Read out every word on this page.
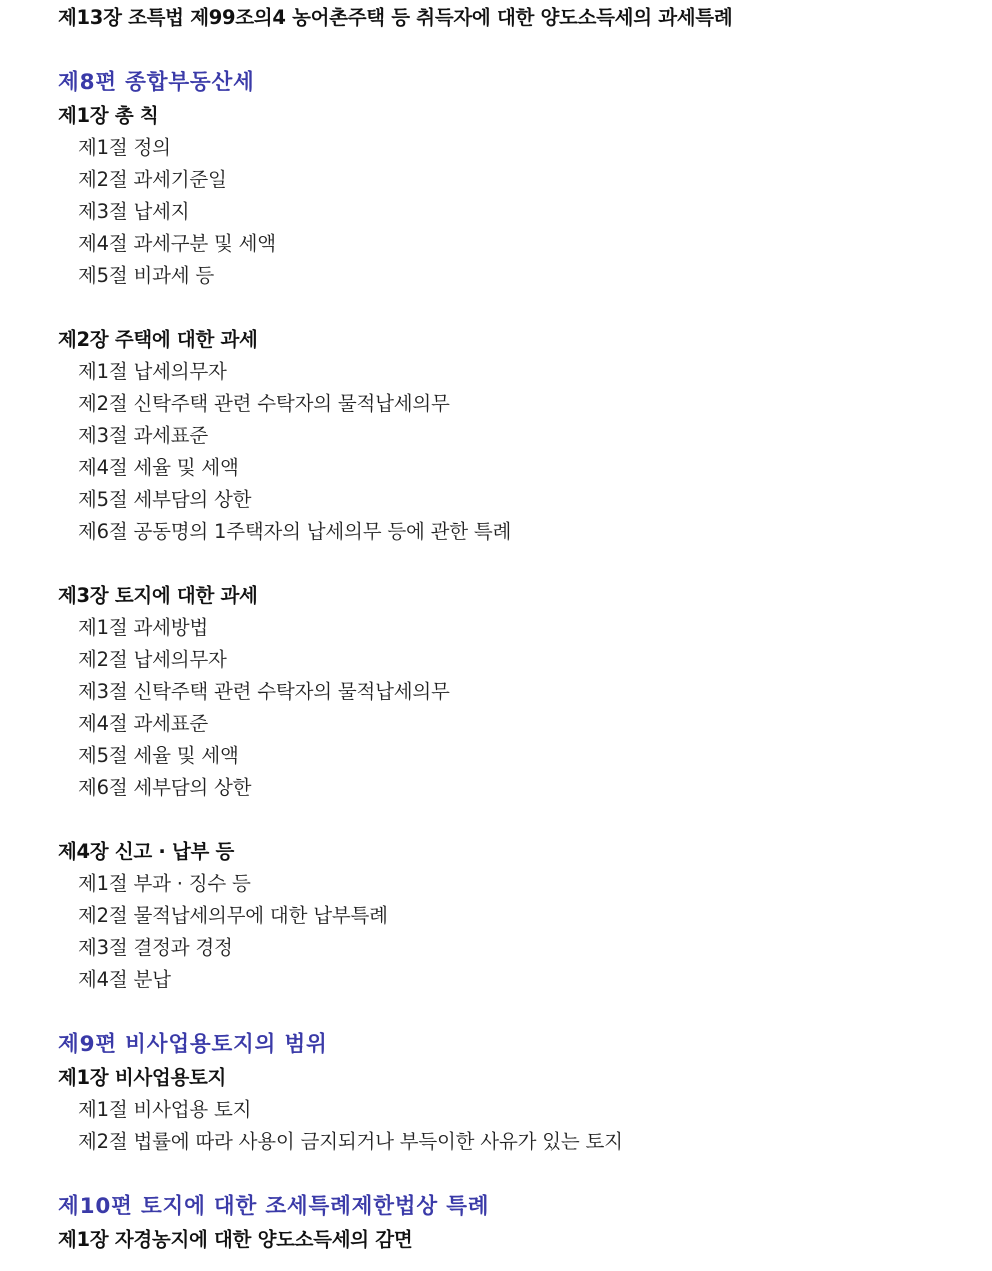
제13장 조특법 제99조의4 농어촌주택 등 취득자에 대한 양도소득세의 과세특례
제8편 종합부동산세
제1장 총 칙
제1절 정의
제2절 과세기준일
제3절 납세지
제4절 과세구분 및 세액
제5절 비과세 등
제2장 주택에 대한 과세
제1절 납세의무자
제2절 신탁주택 관련 수탁자의 물적납세의무
제3절 과세표준
제4절 세율 및 세액
제5절 세부담의 상한
제6절 공동명의 1주택자의 납세의무 등에 관한 특례
제3장 토지에 대한 과세
제1절 과세방법
제2절 납세의무자
제3절 신탁주택 관련 수탁자의 물적납세의무
제4절 과세표준
제5절 세율 및 세액
제6절 세부담의 상한
제4장 신고 · 납부 등
제1절 부과 · 징수 등
제2절 물적납세의무에 대한 납부특례
제3절 결정과 경정
제4절 분납
제9편 비사업용토지의 범위
제1장 비사업용토지
제1절 비사업용 토지
제2절 법률에 따라 사용이 금지되거나 부득이한 사유가 있는 토지
제10편 토지에 대한 조세특례제한법상 특례
제1장 자경농지에 대한 양도소득세의 감면
